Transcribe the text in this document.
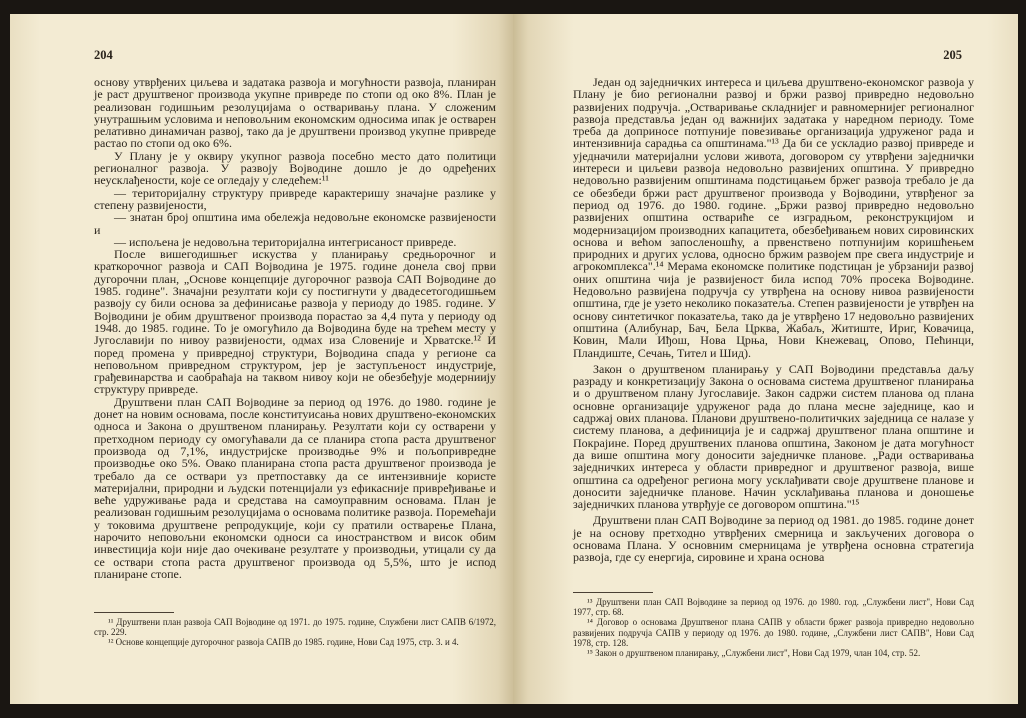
204

основу утврђених циљева и задатака развоја и могућности развоја, планиран је раст друштвеног производа укупне привреде по стопи од око 8%. План је реализован годишњим резолуцијама о остваривању плана. У сложеним унутрашњим условима и неповољним економским односима ипак је остварен релативно динамичан развој, тако да је друштвени производ укупне привреде растао по стопи од око 6%.

У Плану је у оквиру укупног развоја посебно место дато политици регионалног развоја. У развоју Војводине дошло је до одређених неусклађености, које се огледају у следећем:¹¹

— територијалну структуру привреде карактеришу значајне разлике у степену развијености,

— знатан број општина има обележја недовољне економске развијености и

— испољена је недовољна територијална интегрисаност привреде.

После вишегодишњег искуства у планирању средњорочног и краткорочног развоја и САП Војводина је 1975. године донела свој први дугорочни план, „Основе концепције дугорочног развоја САП Војводине до 1985. године". Значајни резултати који су постигнути у двадесетогодишњем развоју су били основа за дефинисање развоја у периоду до 1985. године. У Војводини је обим друштвеног производа порастао за 4,4 пута у периоду од 1948. до 1985. године. То је омогућило да Војводина буде на трећем месту у Југославији по нивоу развијености, одмах иза Словеније и Хрватске.¹² И поред промена у привредној структури, Војводина спада у регионе са неповољном привредном структуром, јер је заступљеност индустрије, грађевинарства и саобраћаја на таквом нивоу који не обезбеђује модерниију структуру привреде.

Друштвени план САП Војводине за период од 1976. до 1980. године је донет на новим основама, после конституисања нових друштвено-економских односа и Закона о друштвеном планирању. Резултати који су остварени у претходном периоду су омогућавали да се планира стопа раста друштвеног производа од 7,1%, индустријске производње 9% и пољопривредне производње око 5%. Овако планирана стопа раста друштвеног производа је требало да се оствари уз претпоставку да се интензивније користе материјални, природни и људски потенцијали уз ефикасније привређивање и веће удруживање рада и средстава на самоуправним основама. План је реализован годишњим резолуцијама о основама политике развоја. Поремећаји у токовима друштвене репродукције, који су пратили остварење Плана, нарочито неповољни економски односи са иностранством и висок обим инвестиција који није дао очекиване резултате у производњи, утицали су да се оствари стопа раста друштвеног производа од 5,5%, што је испод планиране стопе.

¹¹ Друштвени план развоја САП Војводине од 1971. до 1975. године, Службени лист САПВ 6/1972, стр. 229.

¹² Основе концепције дугорочног развоја САПВ до 1985. године, Нови Сад 1975, стр. 3. и 4.

205

Један од заједничких интереса и циљева друштвено-економског развоја у Плану је био регионални развој и бржи развој привредно недовољно развијених подручја. „Остваривање складнијег и равномернијег регионалног развоја представља један од важнијих задатака у наредном периоду. Томе треба да доприносе потпуније повезивање организација удруженог рада и интензивнија сарадња са општинама."¹³ Да би се ускладио развој привреде и уједначили материјални услови живота, договором су утврђени заједнички интереси и циљеви развоја недовољно развијених општина. У привредно недовољно развијеним општинама подстицањем бржег развоја требало је да се обезбеди бржи раст друштвеног производа у Војводини, утврђеног за период од 1976. до 1980. године. „Бржи развој привредно недовољно развијених општина оствариће се изградњом, реконструкцијом и модернизацијом производних капацитета, обезбеђивањем нових сировинских основа и већом запосленошћу, а првенствено потпунијим коришћењем природних и других услова, односно бржим развојем пре свега индустрије и агрокомплекса".¹⁴ Мерама економске политике подстицан је убрзанији развој оних општина чија је развијеност била испод 70% просека Војводине. Недовољно развијена подручја су утврђена на основу нивоа развијености општина, где је узето неколико показатеља. Степен развијености је утврђен на основу синтетичког показатеља, тако да је утврђено 17 недовољно развијених општина (Алибунар, Бач, Бела Црква, Жабаљ, Житиште, Ириг, Ковачица, Ковин, Мали Иђош, Нова Црња, Нови Кнежевац, Опово, Пећинци, Пландиште, Сечањ, Тител и Шид).

Закон о друштвеном планирању у САП Војводини представља даљу разраду и конкретизацију Закона о основама система друштвеног планирања и о друштвеном плану Југославије. Закон садржи систем планова од плана основне организације удруженог рада до плана месне заједнице, као и садржај ових планова. Планови друштвено-политичких заједница се налазе у систему планова, а дефиниција је и садржај друштвеног плана општине и Покрајине. Поред друштвених планова општина, Законом је дата могућност да више општина могу доносити заједничке планове. „Ради остваривања заједничких интереса у области привредног и друштвеног развоја, више општина са одређеног региона могу усклађивати своје друштвене планове и доносити заједничке планове. Начин усклађивања планова и доношење заједничких планова утврђује се договором општина."¹⁵

Друштвени план САП Војводине за период од 1981. до 1985. године донет је на основу претходно утврђених смерница и закључених договора о основама Плана. У основним смерницама је утврђена основна стратегија развоја, где су енергија, сировине и храна основа

¹³ Друштвени план САП Војводине за период од 1976. до 1980. год. „Службени лист", Нови Сад 1977, стр. 68.

¹⁴ Договор о основама Друштвеног плана САПВ у области бржег развоја привредно недовољно развијених подручја САПВ у периоду од 1976. до 1980. године, „Службени лист САПВ", Нови Сад 1978, стр. 128.

¹⁵ Закон о друштвеном планирању, „Службени лист", Нови Сад 1979, члан 104, стр. 52.
